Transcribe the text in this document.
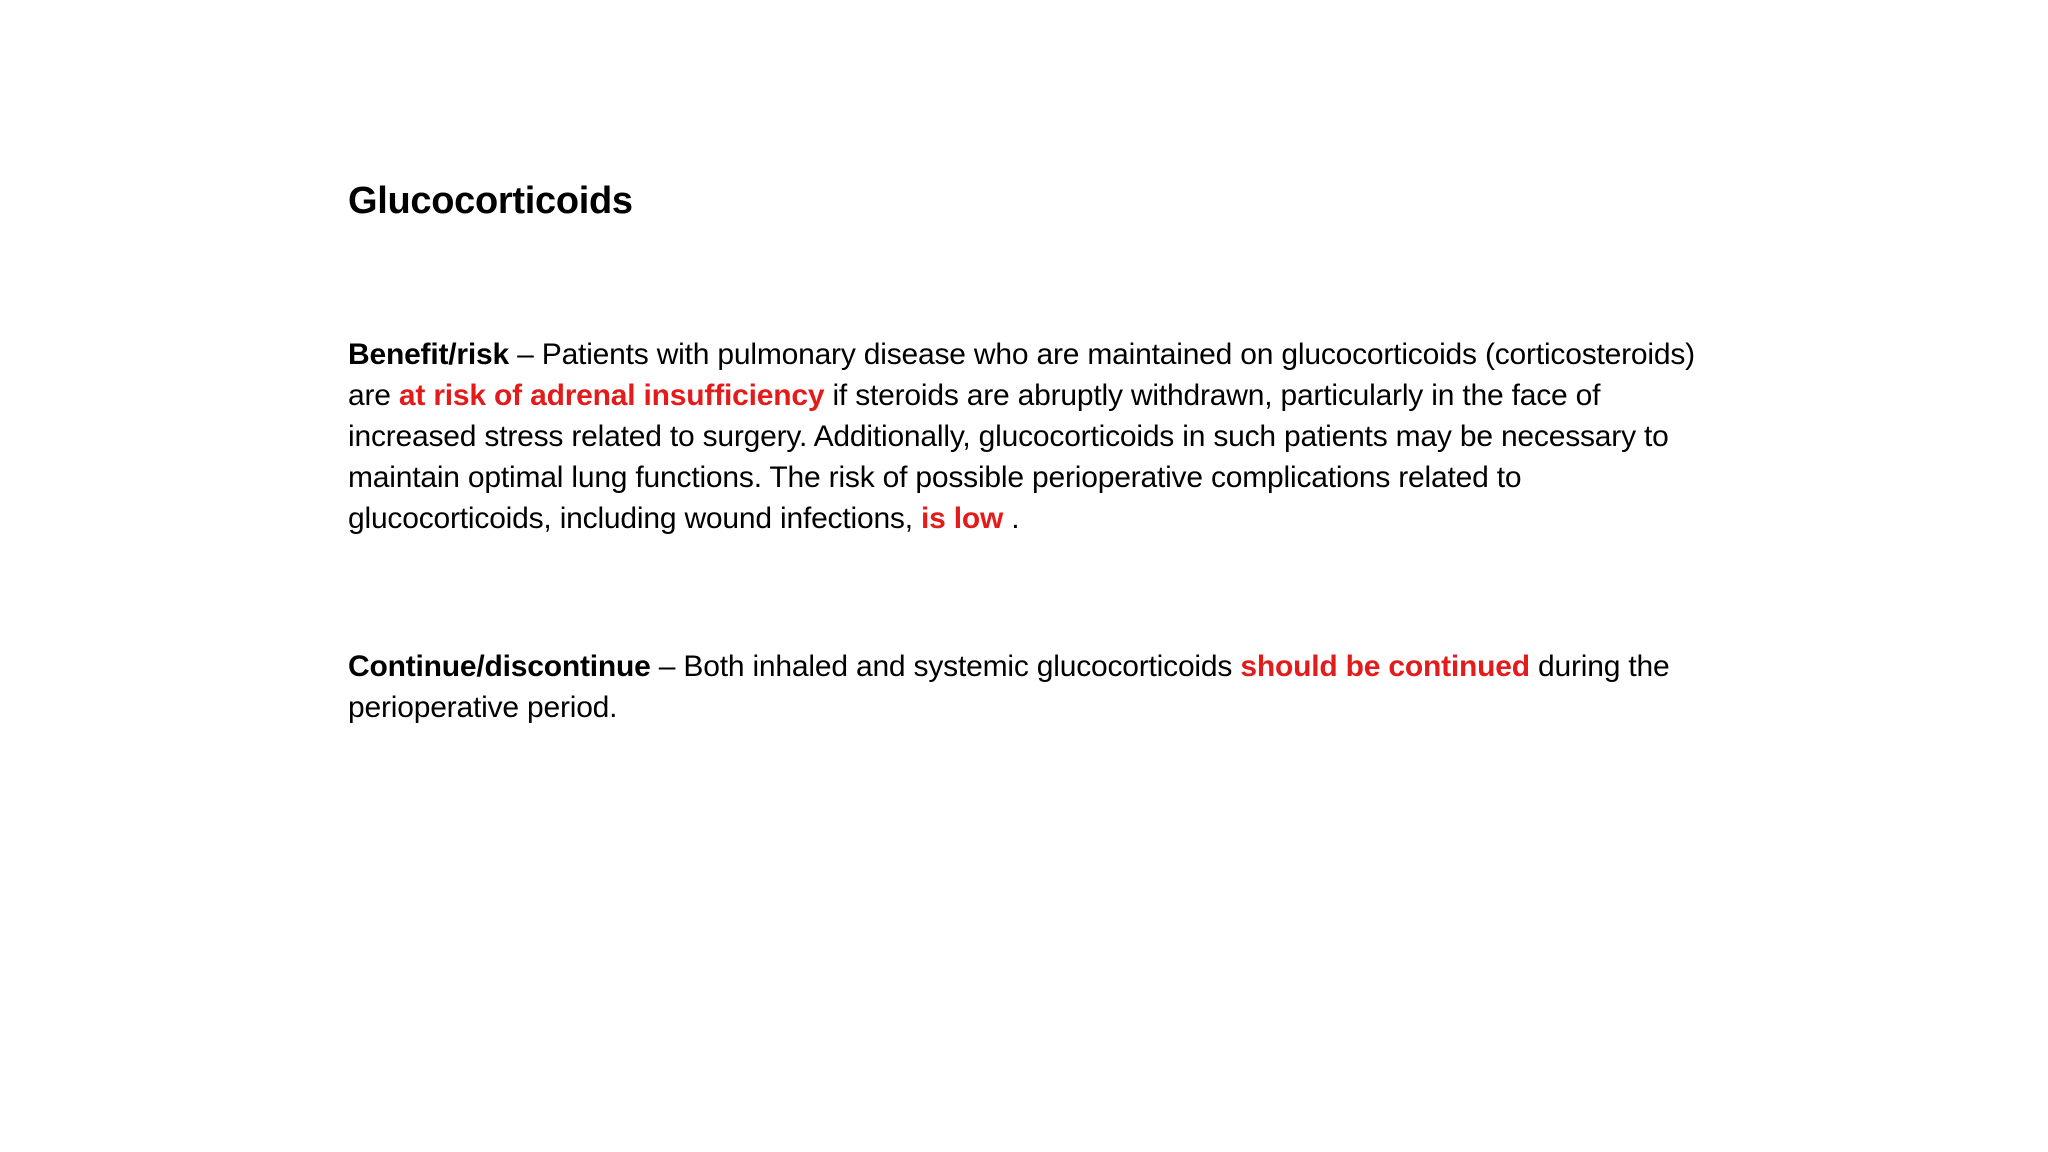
Glucocorticoids

Benefit/risk – Patients with pulmonary disease who are maintained on glucocorticoids (corticosteroids) are at risk of adrenal insufficiency if steroids are abruptly withdrawn, particularly in the face of increased stress related to surgery. Additionally, glucocorticoids in such patients may be necessary to maintain optimal lung functions. The risk of possible perioperative complications related to glucocorticoids, including wound infections, is low .

Continue/discontinue – Both inhaled and systemic glucocorticoids should be continued during the perioperative period.
